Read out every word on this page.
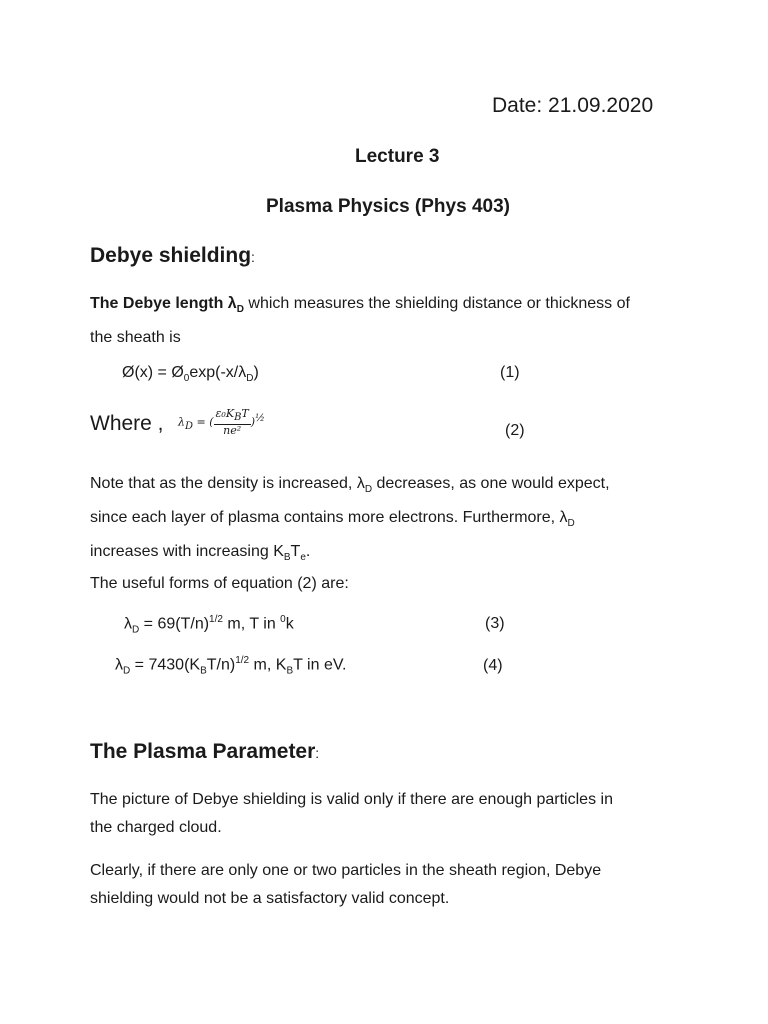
Date: 21.09.2020
Lecture 3
Plasma Physics (Phys 403)
Debye shielding:
The Debye length $\lambda_D$ which measures the shielding distance or thickness of
the sheath is
Ø(x) = $Ø_0\exp(-x/\lambda_D)$	(1)
Where , $\lambda_D$ = ( $\frac{\varepsilon_0K_BT}{\text{ne²}} )^{\frac{1}{2}}$
(2)
Note that as the density is increased, $\lambda_D$ decreases, as one would expect,
since each layer of plasma contains more electrons. Furthermore, $\lambda_D$
increases with increasing $K_BT_e$.
The useful forms of equation (2) are:
$\lambda_D = 69(T/n)^{1/2}$ m, T in $^0$k	(3)
$\lambda_D = 7430(K_BT/n)^{1/2}$ m, $K_BT$ in eV.	(4)
The Plasma Parameter:
The picture of Debye shielding is valid only if there are enough particles in
the charged cloud.
Clearly, if there are only one or two particles in the sheath region, Debye
shielding would not be a satisfactory valid concept.
